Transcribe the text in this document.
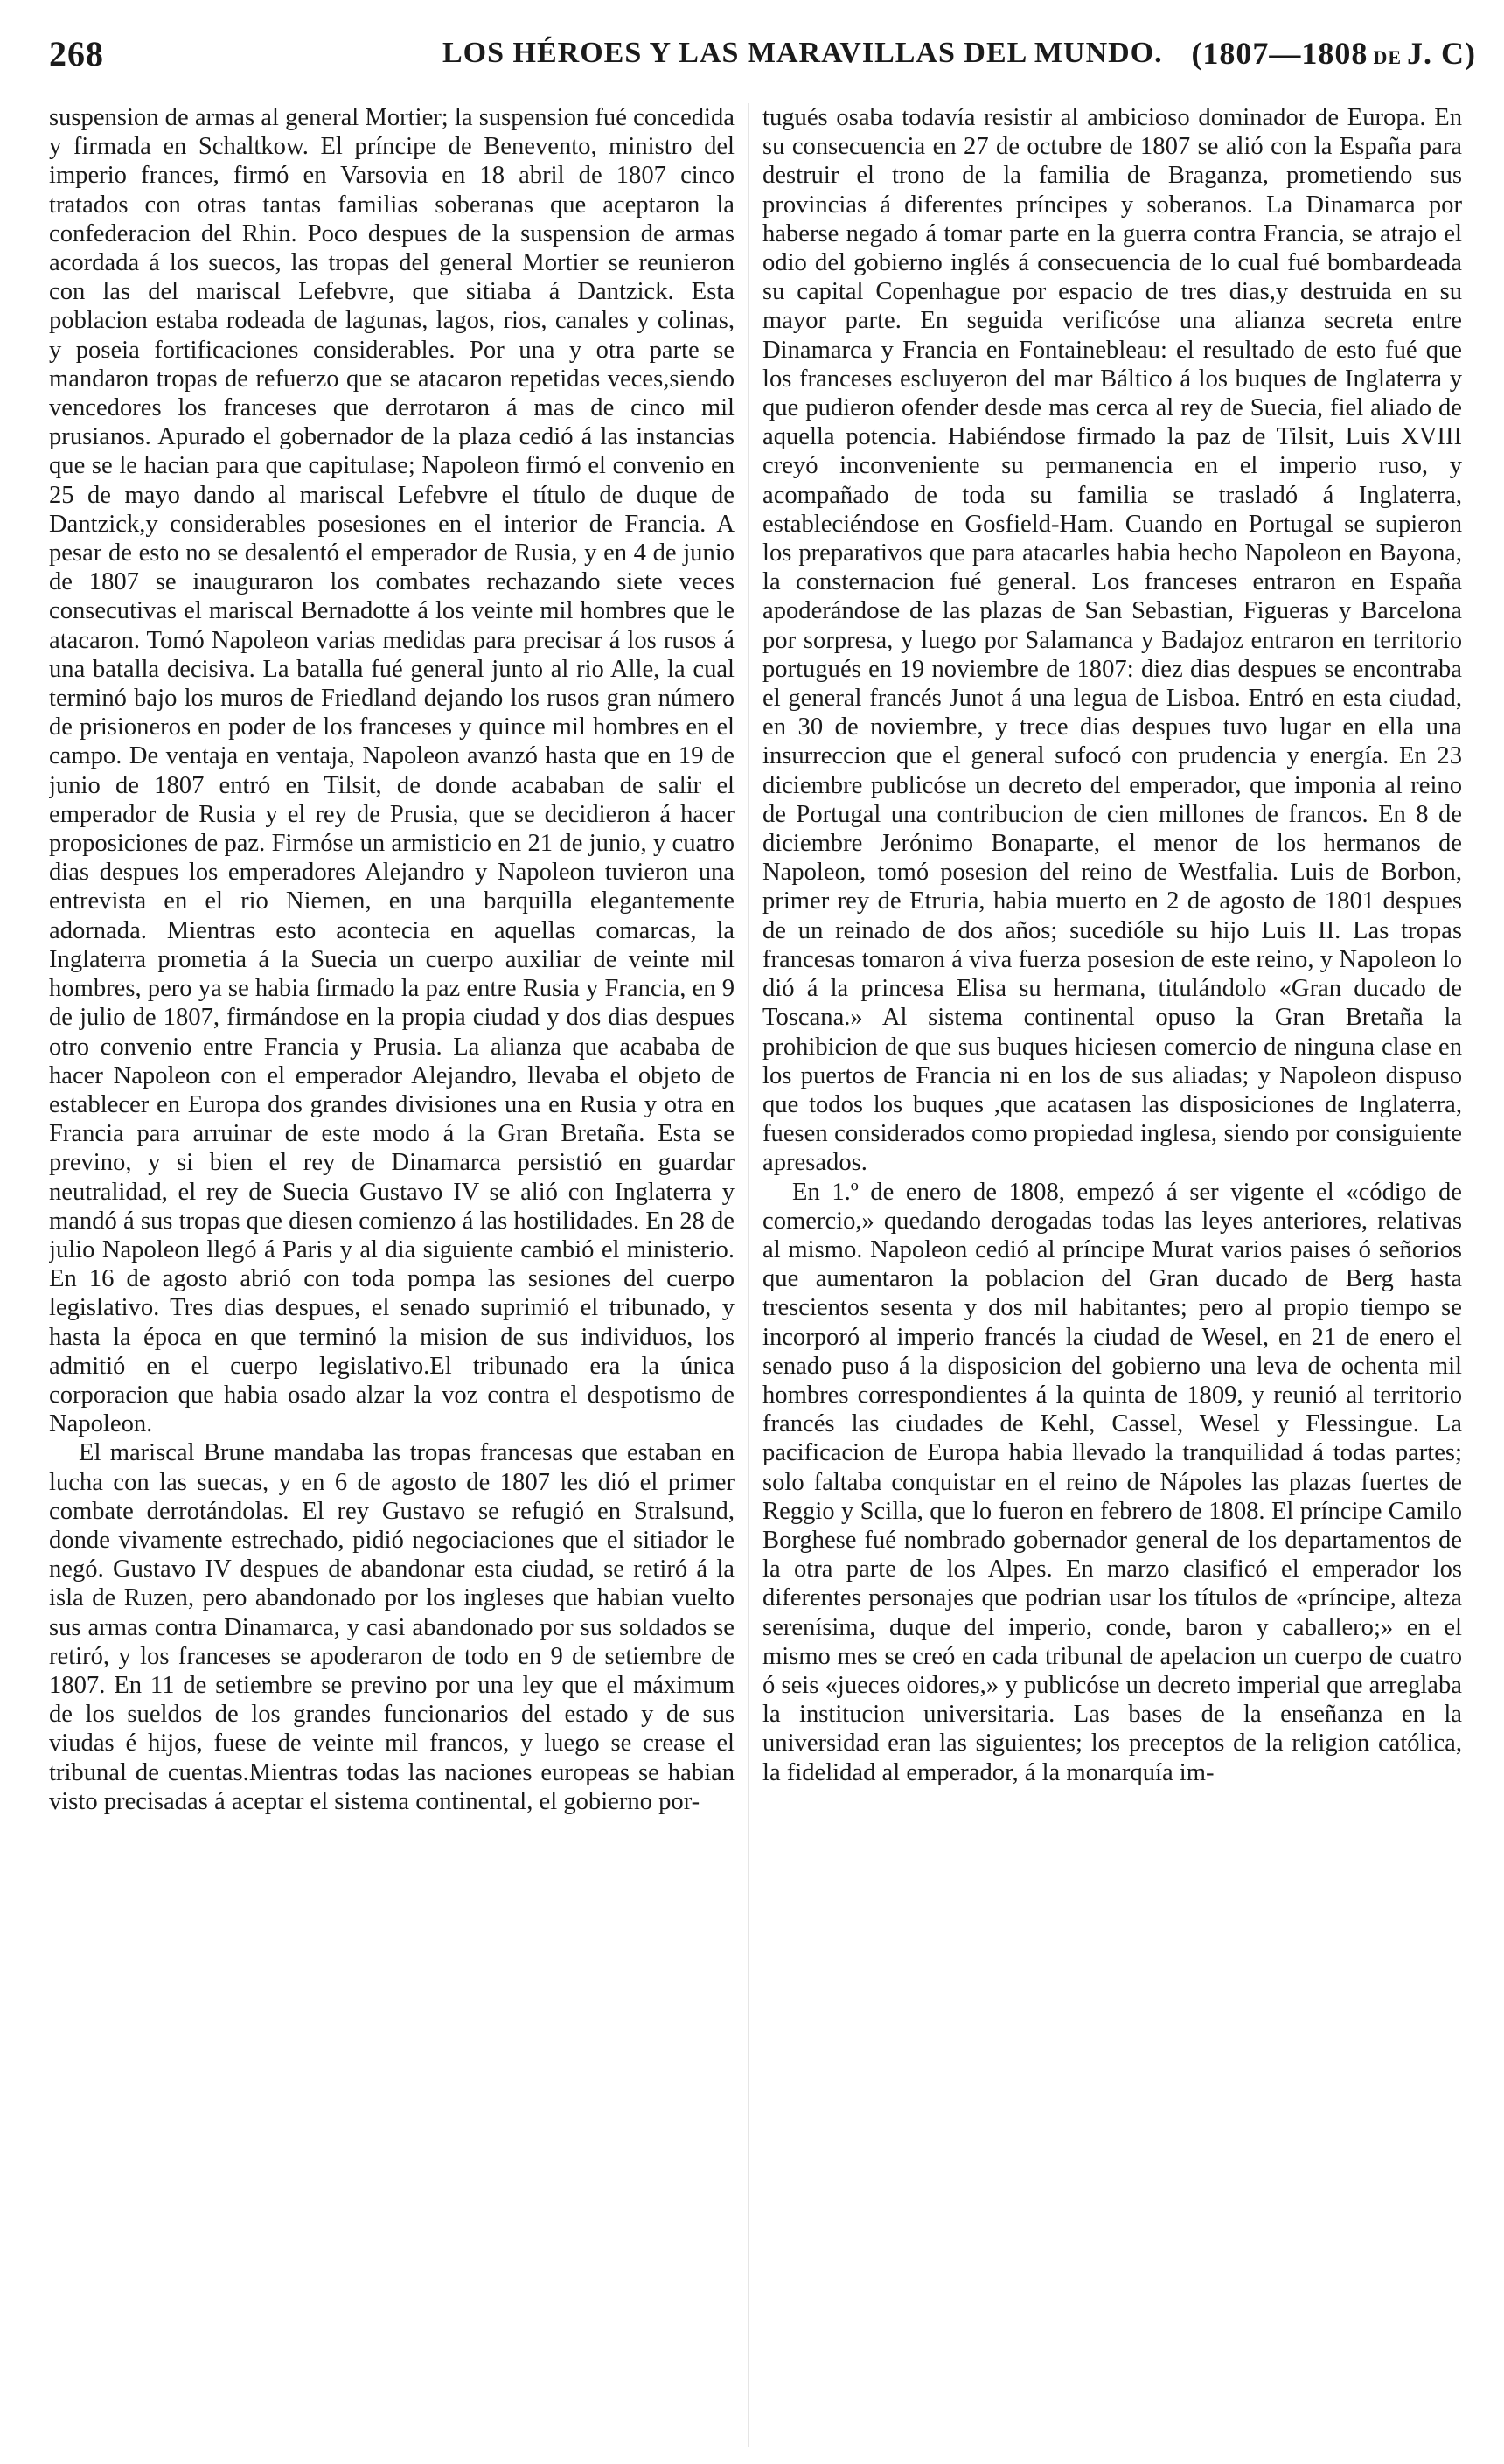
268	LOS HÉROES Y LAS MARAVILLAS DEL MUNDO. (1807—1808 DE J. C)

suspension de armas al general Mortier; la suspension fué concedida y firmada en Schaltkow. El príncipe de Benevento, ministro del imperio frances, firmó en Varsovia en 18 abril de 1807 cinco tratados con otras tantas familias soberanas que aceptaron la confederacion del Rhin. Poco despues de la suspension de armas acordada á los suecos, las tropas del general Mortier se reunieron con las del mariscal Lefebvre, que sitiaba á Dantzick. Esta poblacion estaba rodeada de lagunas, lagos, rios, canales y colinas, y poseia fortificaciones considerables. Por una y otra parte se mandaron tropas de refuerzo que se atacaron repetidas veces,siendo vencedores los franceses que derrotaron á mas de cinco mil prusianos. Apurado el gobernador de la plaza cedió á las instancias que se le hacian para que capitulase; Napoleon firmó el convenio en 25 de mayo dando al mariscal Lefebvre el título de duque de Dantzick,y considerables posesiones en el interior de Francia. A pesar de esto no se desalentó el emperador de Rusia, y en 4 de junio de 1807 se inauguraron los combates rechazando siete veces consecutivas el mariscal Bernadotte á los veinte mil hombres que le atacaron. Tomó Napoleon varias medidas para precisar á los rusos á una batalla decisiva. La batalla fué general junto al rio Alle, la cual terminó bajo los muros de Friedland dejando los rusos gran número de prisioneros en poder de los franceses y quince mil hombres en el campo. De ventaja en ventaja, Napoleon avanzó hasta que en 19 de junio de 1807 entró en Tilsit, de donde acababan de salir el emperador de Rusia y el rey de Prusia, que se decidieron á hacer proposiciones de paz. Firmóse un armisticio en 21 de junio, y cuatro dias despues los emperadores Alejandro y Napoleon tuvieron una entrevista en el rio Niemen, en una barquilla elegantemente adornada. Mientras esto acontecia en aquellas comarcas, la Inglaterra prometia á la Suecia un cuerpo auxiliar de veinte mil hombres, pero ya se habia firmado la paz entre Rusia y Francia, en 9 de julio de 1807, firmándose en la propia ciudad y dos dias despues otro convenio entre Francia y Prusia. La alianza que acababa de hacer Napoleon con el emperador Alejandro, llevaba el objeto de establecer en Europa dos grandes divisiones una en Rusia y otra en Francia para arruinar de este modo á la Gran Bretaña. Esta se previno, y si bien el rey de Dinamarca persistió en guardar neutralidad, el rey de Suecia Gustavo IV se alió con Inglaterra y mandó á sus tropas que diesen comienzo á las hostilidades. En 28 de julio Napoleon llegó á Paris y al dia siguiente cambió el ministerio. En 16 de agosto abrió con toda pompa las sesiones del cuerpo legislativo. Tres dias despues, el senado suprimió el tribunado, y hasta la época en que terminó la mision de sus individuos, los admitió en el cuerpo legislativo.El tribunado era la única corporacion que habia osado alzar la voz contra el despotismo de Napoleon.

El mariscal Brune mandaba las tropas francesas que estaban en lucha con las suecas, y en 6 de agosto de 1807 les dió el primer combate derrotándolas. El rey Gustavo se refugió en Stralsund, donde vivamente estrechado, pidió negociaciones que el sitiador le negó. Gustavo IV despues de abandonar esta ciudad, se retiró á la isla de Ruzen, pero abandonado por los ingleses que habian vuelto sus armas contra Dinamarca, y casi abandonado por sus soldados se retiró, y los franceses se apoderaron de todo en 9 de setiembre de 1807. En 11 de setiembre se previno por una ley que el máximum de los sueldos de los grandes funcionarios del estado y de sus viudas é hijos, fuese de veinte mil francos, y luego se crease el tribunal de cuentas.Mientras todas las naciones europeas se habian visto precisadas á aceptar el sistema continental, el gobierno por-

tugués osaba todavía resistir al ambicioso dominador de Europa. En su consecuencia en 27 de octubre de 1807 se alió con la España para destruir el trono de la familia de Braganza, prometiendo sus provincias á diferentes príncipes y soberanos. La Dinamarca por haberse negado á tomar parte en la guerra contra Francia, se atrajo el odio del gobierno inglés á consecuencia de lo cual fué bombardeada su capital Copenhague por espacio de tres dias,y destruida en su mayor parte. En seguida verificóse una alianza secreta entre Dinamarca y Francia en Fontainebleau: el resultado de esto fué que los franceses escluyeron del mar Báltico á los buques de Inglaterra y que pudieron ofender desde mas cerca al rey de Suecia, fiel aliado de aquella potencia. Habiéndose firmado la paz de Tilsit, Luis XVIII creyó inconveniente su permanencia en el imperio ruso, y acompañado de toda su familia se trasladó á Inglaterra, estableciéndose en Gosfield-Ham. Cuando en Portugal se supieron los preparativos que para atacarles habia hecho Napoleon en Bayona, la consternacion fué general. Los franceses entraron en España apoderándose de las plazas de San Sebastian, Figueras y Barcelona por sorpresa, y luego por Salamanca y Badajoz entraron en territorio portugués en 19 noviembre de 1807: diez dias despues se encontraba el general francés Junot á una legua de Lisboa. Entró en esta ciudad, en 30 de noviembre, y trece dias despues tuvo lugar en ella una insurreccion que el general sufocó con prudencia y energía. En 23 diciembre publicóse un decreto del emperador, que imponia al reino de Portugal una contribucion de cien millones de francos. En 8 de diciembre Jerónimo Bonaparte, el menor de los hermanos de Napoleon, tomó posesion del reino de Westfalia. Luis de Borbon, primer rey de Etruria, habia muerto en 2 de agosto de 1801 despues de un reinado de dos años; sucedióle su hijo Luis II. Las tropas francesas tomaron á viva fuerza posesion de este reino, y Napoleon lo dió á la princesa Elisa su hermana, titulándolo «Gran ducado de Toscana.» Al sistema continental opuso la Gran Bretaña la prohibicion de que sus buques hiciesen comercio de ninguna clase en los puertos de Francia ni en los de sus aliadas; y Napoleon dispuso que todos los buques ,que acatasen las disposiciones de Inglaterra, fuesen considerados como propiedad inglesa, siendo por consiguiente apresados.

En 1.º de enero de 1808, empezó á ser vigente el «código de comercio,» quedando derogadas todas las leyes anteriores, relativas al mismo. Napoleon cedió al príncipe Murat varios paises ó señorios que aumentaron la poblacion del Gran ducado de Berg hasta trescientos sesenta y dos mil habitantes; pero al propio tiempo se incorporó al imperio francés la ciudad de Wesel, en 21 de enero el senado puso á la disposicion del gobierno una leva de ochenta mil hombres correspondientes á la quinta de 1809, y reunió al territorio francés las ciudades de Kehl, Cassel, Wesel y Flessingue. La pacificacion de Europa habia llevado la tranquilidad á todas partes; solo faltaba conquistar en el reino de Nápoles las plazas fuertes de Reggio y Scilla, que lo fueron en febrero de 1808. El príncipe Camilo Borghese fué nombrado gobernador general de los departamentos de la otra parte de los Alpes. En marzo clasificó el emperador los diferentes personajes que podrian usar los títulos de «príncipe, alteza serenísima, duque del imperio, conde, baron y caballero;» en el mismo mes se creó en cada tribunal de apelacion un cuerpo de cuatro ó seis «jueces oidores,» y publicóse un decreto imperial que arreglaba la institucion universitaria. Las bases de la enseñanza en la universidad eran las siguientes; los preceptos de la religion católica, la fidelidad al emperador, á la monarquía im-
